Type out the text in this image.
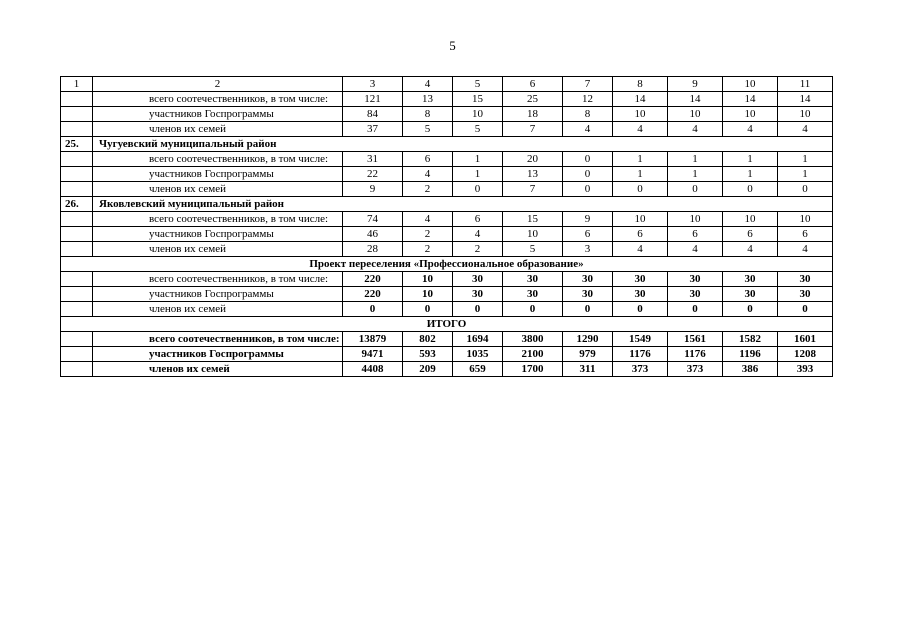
5
1	2	3	4	5	6	7	8	9	10	11
	всего соотечественников, в том числе:	121	13	15	25	12	14	14	14	14
	участников Госпрограммы	84	8	10	18	8	10	10	10	10
	членов их семей	37	5	5	7	4	4	4	4	4
25.	Чугуевский муниципальный район									
	всего соотечественников, в том числе:	31	6	1	20	0	1	1	1	1
	участников Госпрограммы	22	4	1	13	0	1	1	1	1
	членов их семей	9	2	0	7	0	0	0	0	0
26.	Яковлевский муниципальный район									
	всего соотечественников, в том числе:	74	4	6	15	9	10	10	10	10
	участников Госпрограммы	46	2	4	10	6	6	6	6	6
	членов их семей	28	2	2	5	3	4	4	4	4
Проект переселения «Профессиональное образование»										
	всего соотечественников, в том числе:	220	10	30	30	30	30	30	30	30
	участников Госпрограммы	220	10	30	30	30	30	30	30	30
	членов их семей	0	0	0	0	0	0	0	0	0
ИТОГО										
	всего соотечественников, в том числе:	13879	802	1694	3800	1290	1549	1561	1582	1601
	участников Госпрограммы	9471	593	1035	2100	979	1176	1176	1196	1208
	членов их семей	4408	209	659	1700	311	373	373	386	393
